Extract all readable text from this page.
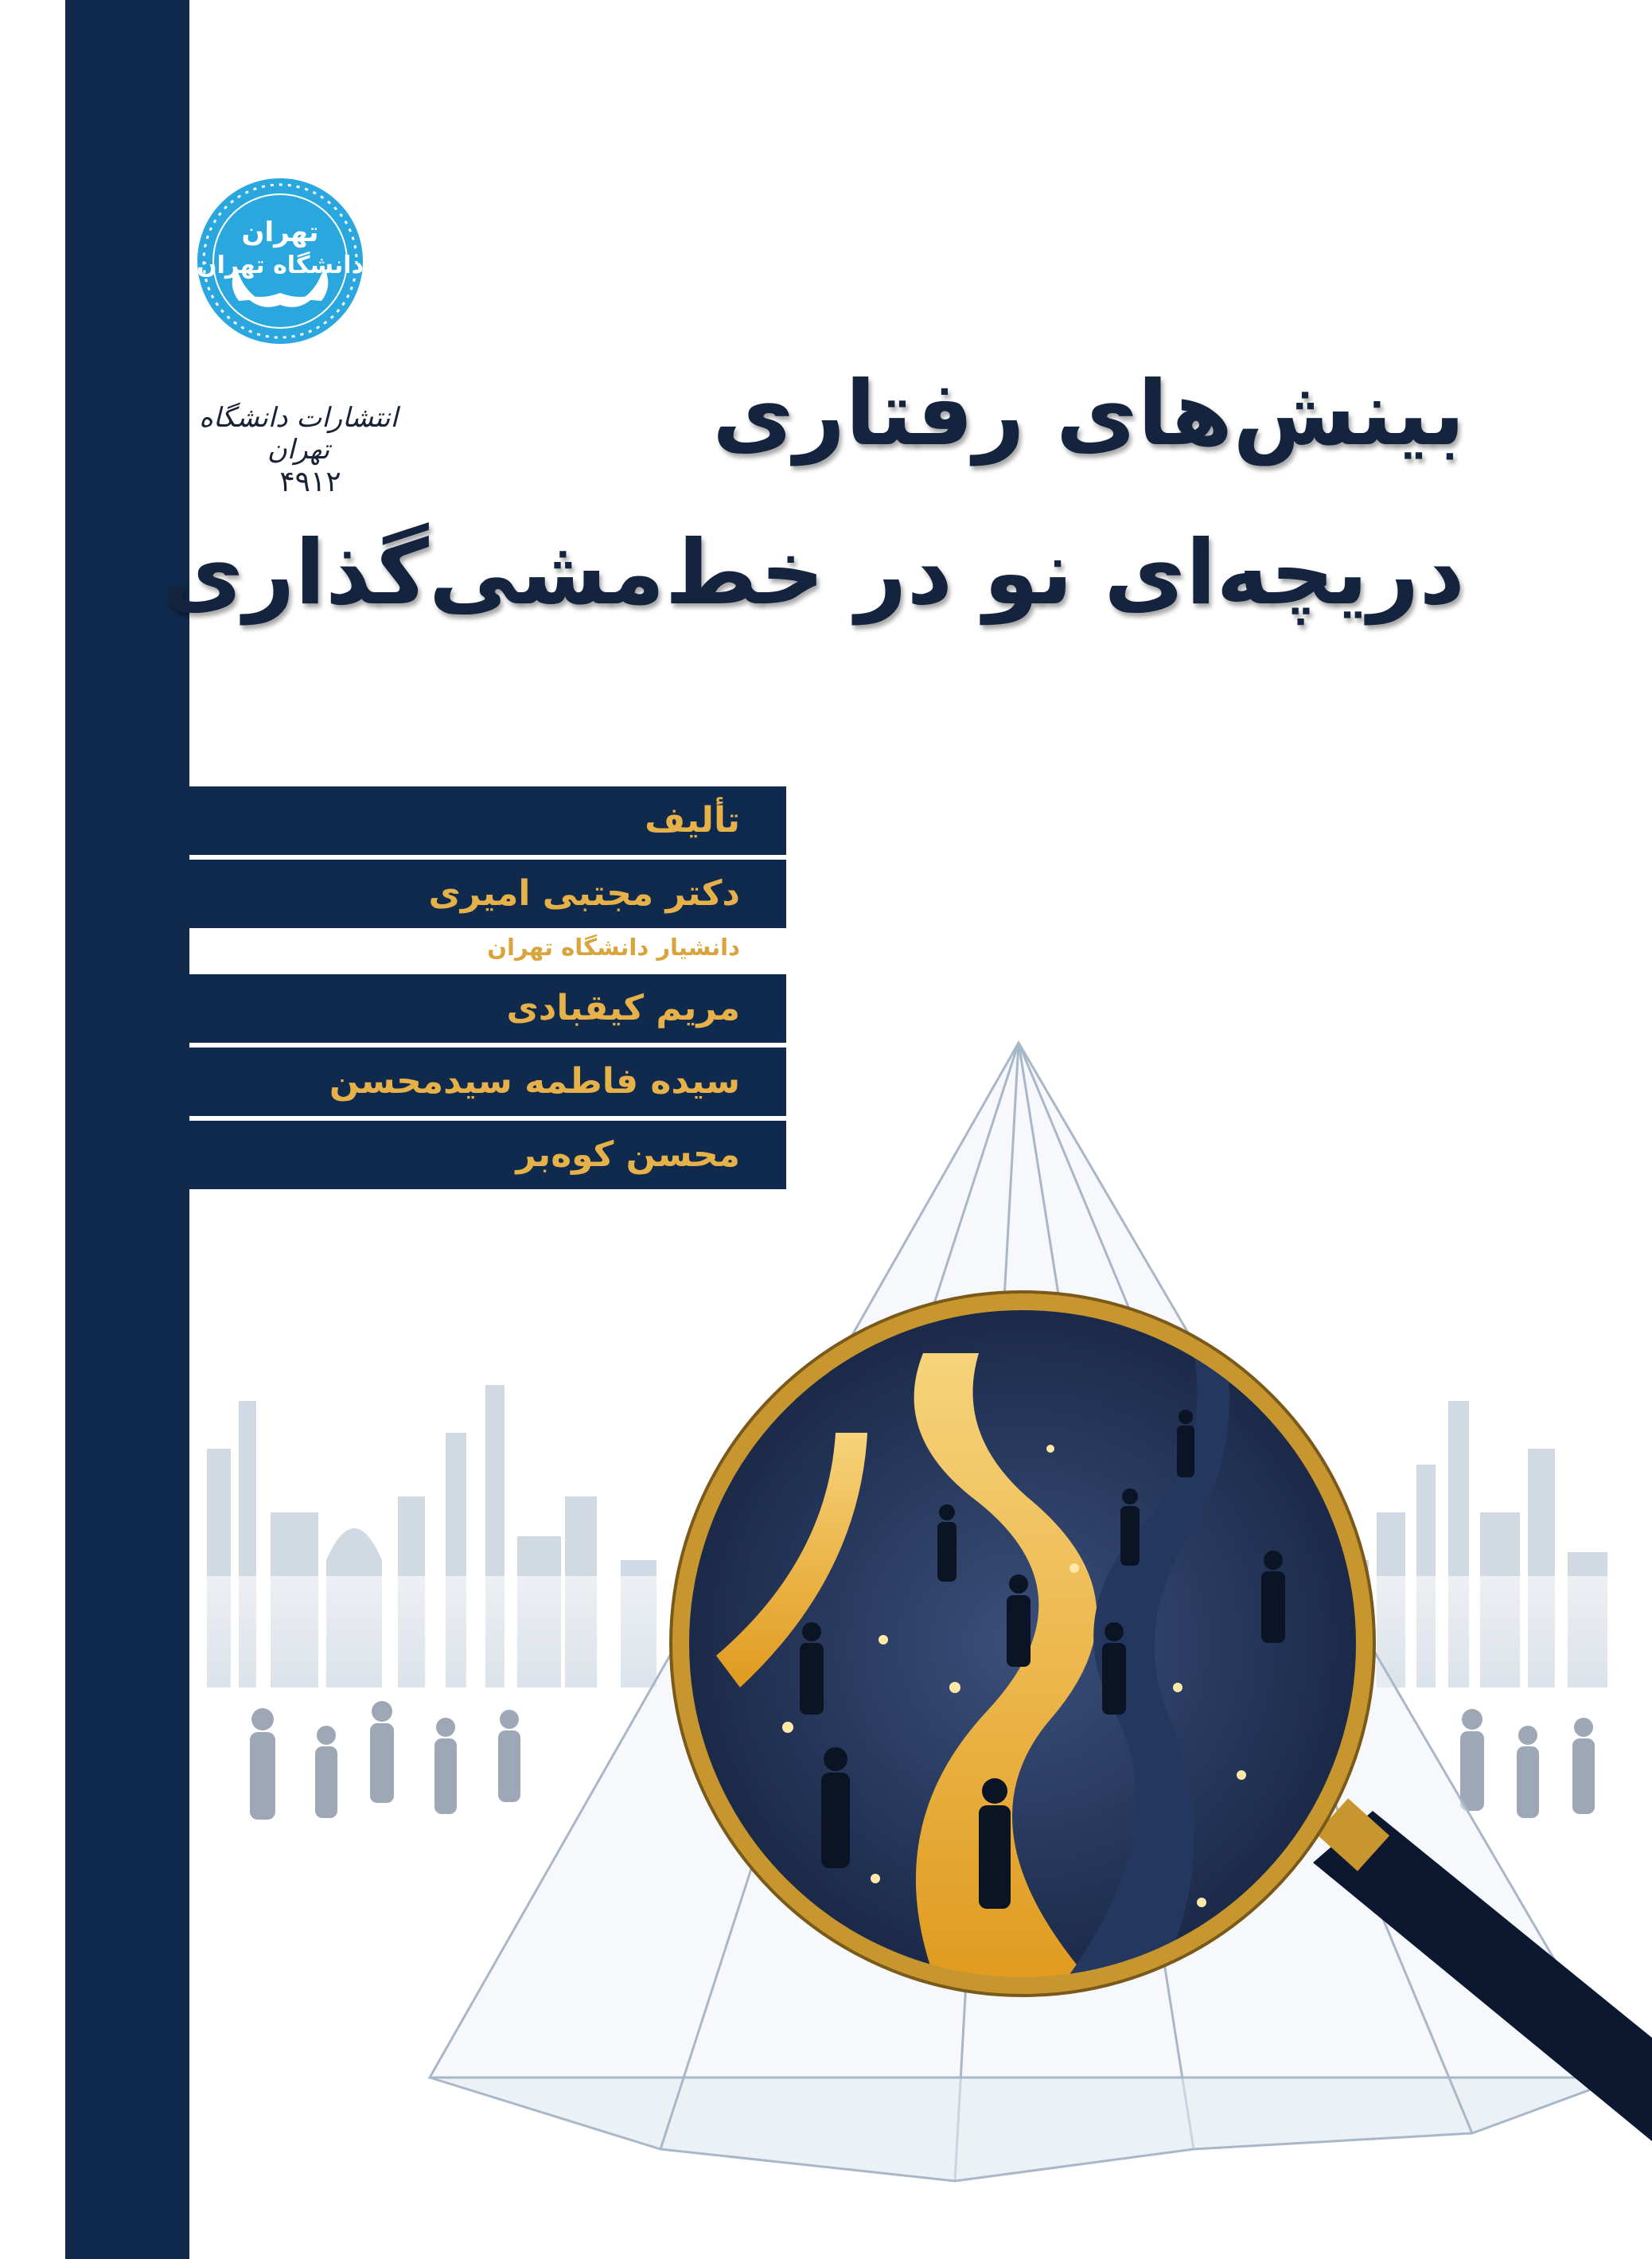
تهران
دانشگاه تهران
انتشارات دانشگاه تهران
۴۹۱۲
بینش‌های رفتاری
دریچه‌ای نو در خط‌مشی‌گذاری
تألیف
دکتر مجتبی امیری
دانشیار دانشگاه تهران
مریم کیقبادی
سیده فاطمه سیدمحسن
محسن کوه‌بر
